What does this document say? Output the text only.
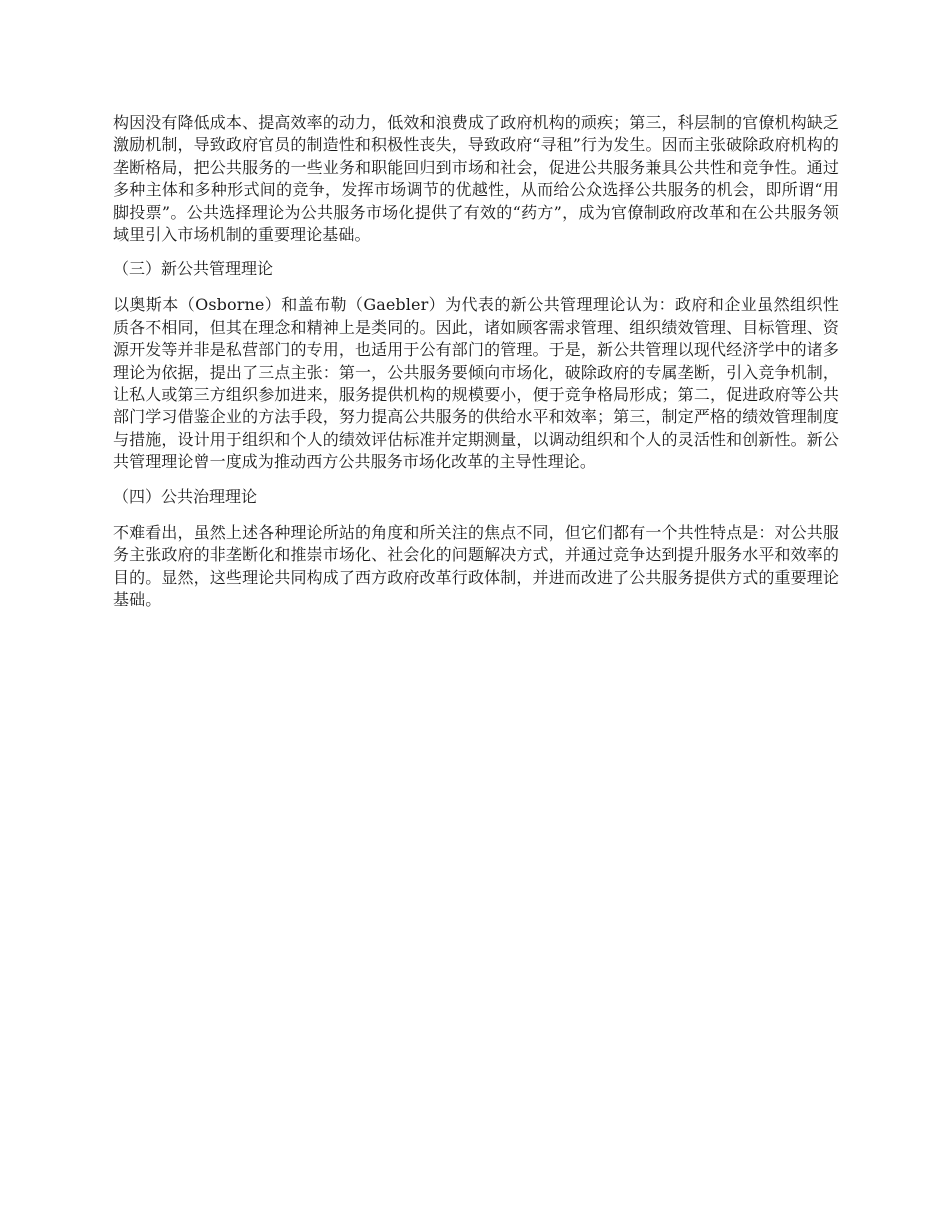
构因没有降低成本、提高效率的动力，低效和浪费成了政府机构的顽疾；第三，科层制的官僚机构缺乏激励机制，导致政府官员的制造性和积极性丧失，导致政府“寻租”行为发生。因而主张破除政府机构的垄断格局，把公共服务的一些业务和职能回归到市场和社会，促进公共服务兼具公共性和竞争性。通过多种主体和多种形式间的竞争，发挥市场调节的优越性，从而给公众选择公共服务的机会，即所谓“用脚投票”。公共选择理论为公共服务市场化提供了有效的“药方”，成为官僚制政府改革和在公共服务领域里引入市场机制的重要理论基础。

（三）新公共管理理论

以奥斯本（Osborne）和盖布勒（Gaebler）为代表的新公共管理理论认为：政府和企业虽然组织性质各不相同，但其在理念和精神上是类同的。因此，诸如顾客需求管理、组织绩效管理、目标管理、资源开发等并非是私营部门的专用，也适用于公有部门的管理。于是，新公共管理以现代经济学中的诸多理论为依据，提出了三点主张：第一，公共服务要倾向市场化，破除政府的专属垄断，引入竞争机制，让私人或第三方组织参加进来，服务提供机构的规模要小，便于竞争格局形成；第二，促进政府等公共部门学习借鉴企业的方法手段，努力提高公共服务的供给水平和效率；第三，制定严格的绩效管理制度与措施，设计用于组织和个人的绩效评估标准并定期测量，以调动组织和个人的灵活性和创新性。新公共管理理论曾一度成为推动西方公共服务市场化改革的主导性理论。

（四）公共治理理论

不难看出，虽然上述各种理论所站的角度和所关注的焦点不同，但它们都有一个共性特点是：对公共服务主张政府的非垄断化和推崇市场化、社会化的问题解决方式，并通过竞争达到提升服务水平和效率的目的。显然，这些理论共同构成了西方政府改革行政体制，并进而改进了公共服务提供方式的重要理论基础。
